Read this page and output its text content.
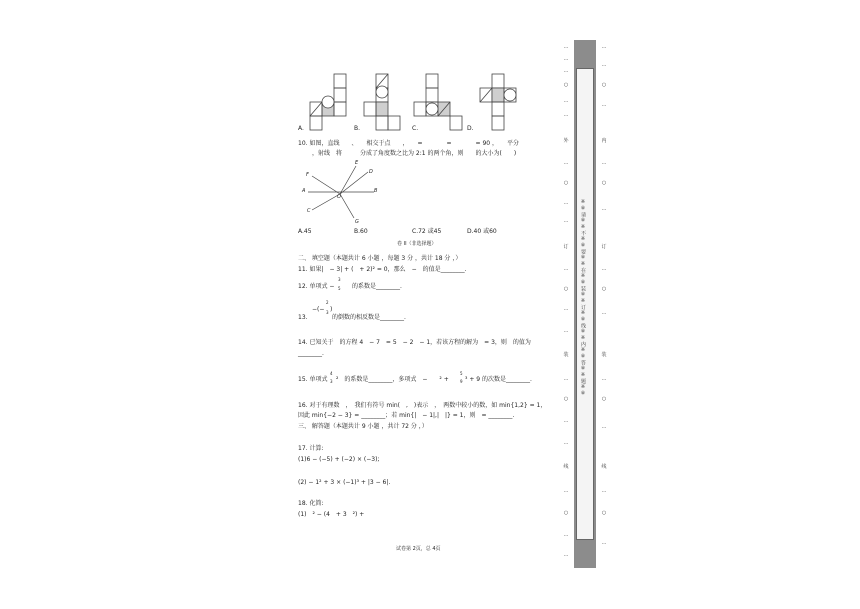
A.	B.	C.	D.
10. 如图，直线　　、　　相交于点　　，　　=　　　　=　　　　= 90 ，　　平分
，射线　将　　　分成了角度数之比为 2:1 的两个角，则　　的大小为(　　)
F
E
D
A	B
O
C
G
A.45	B.60	C.72 或45	D.40 或60
卷 II（非选择题）
二、 填空题（本题共计 6 小题 ，每题 3 分 ，共计 18 分 ，）
11. 如果|　− 3| + (　+ 2)² = 0，那么　−　的值是________.
12. 单项式 −
3
5 的系数是________.
13.
−(−
2
3 )
的倒数的相反数是________.
14. 已知关于　的方程 4　− 7　= 5　− 2　− 1，若该方程的解为　= 3，则　的值为
________.
15. 单项式
4
3 ²　的系数是________，多项式　−　　² +
5
9 ³ + 9 的次数是________.
16. 对于有理数　，　我们有符号 min(　,　)表示　，　两数中较小的数，如 min{1,2} = 1，
因此 min{−2 − 3} = ________；若 min{|　− 1|,|　|} = 1，则　= ________.
三、 解答题（本题共计 9 小题 ，共计 72 分 ，）
17. 计算:
(1)6 − (−5) + (−2) × (−3);
(2) − 1² + 3 × (−1)³ + |3 − 6|.
18. 化简:
(1)　² − (4　+ 3　²) +
试卷第 2页，总 4页
…
…
…
○
…
…
外
…
○
…
…
订
…
○
…
…
装
…
○
…
…
线
…
○
…
…
※※请※※不※※要※※在※※装※※订※※线※※内※※答※※题※※
…
…
○
…
内
…
○
…
订
…
○
…
装
…
○
…
线
…
○
…
